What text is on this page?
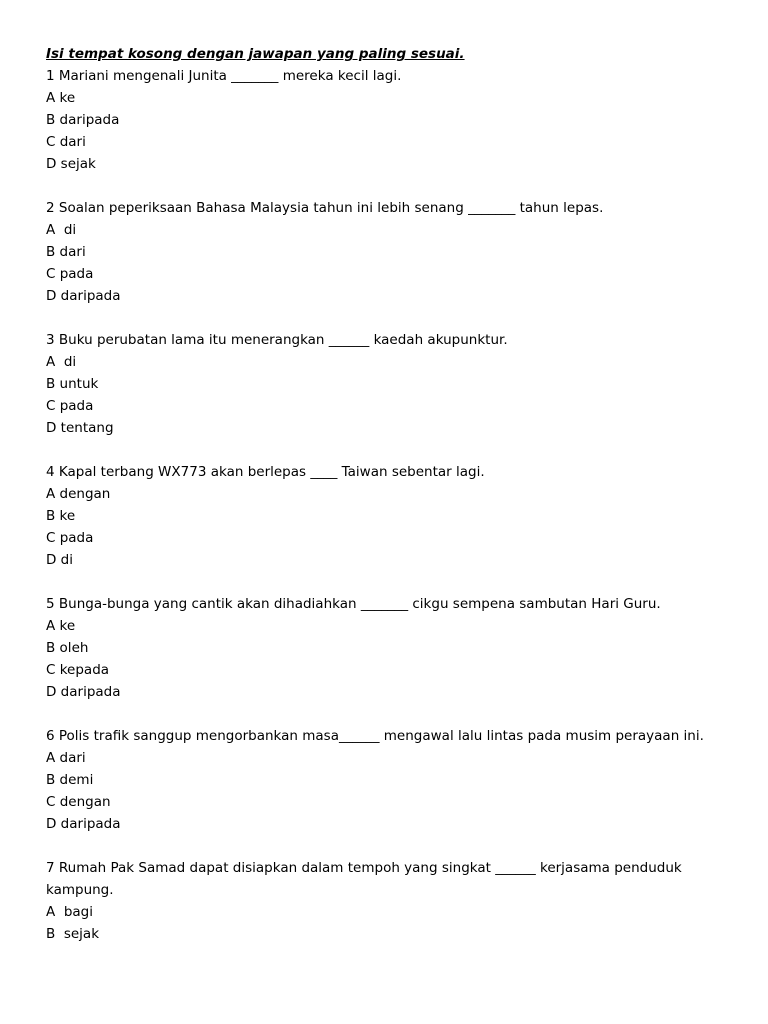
Isi tempat kosong dengan jawapan yang paling sesuai.
1 Mariani mengenali Junita _______ mereka kecil lagi.
A ke
B daripada
C dari
D sejak
2 Soalan peperiksaan Bahasa Malaysia tahun ini lebih senang _______ tahun lepas.
A  di
B dari
C pada
D daripada
3 Buku perubatan lama itu menerangkan ______ kaedah akupunktur.
A  di
B untuk
C pada
D tentang
4 Kapal terbang WX773 akan berlepas ____ Taiwan sebentar lagi.
A dengan
B ke
C pada
D di
5 Bunga-bunga yang cantik akan dihadiahkan _______ cikgu sempena sambutan Hari Guru.
A ke
B oleh
C kepada
D daripada
6 Polis trafik sanggup mengorbankan masa______ mengawal lalu lintas pada musim perayaan ini.
A dari
B demi
C dengan
D daripada
7 Rumah Pak Samad dapat disiapkan dalam tempoh yang singkat ______ kerjasama penduduk kampung.
A  bagi
B  sejak
